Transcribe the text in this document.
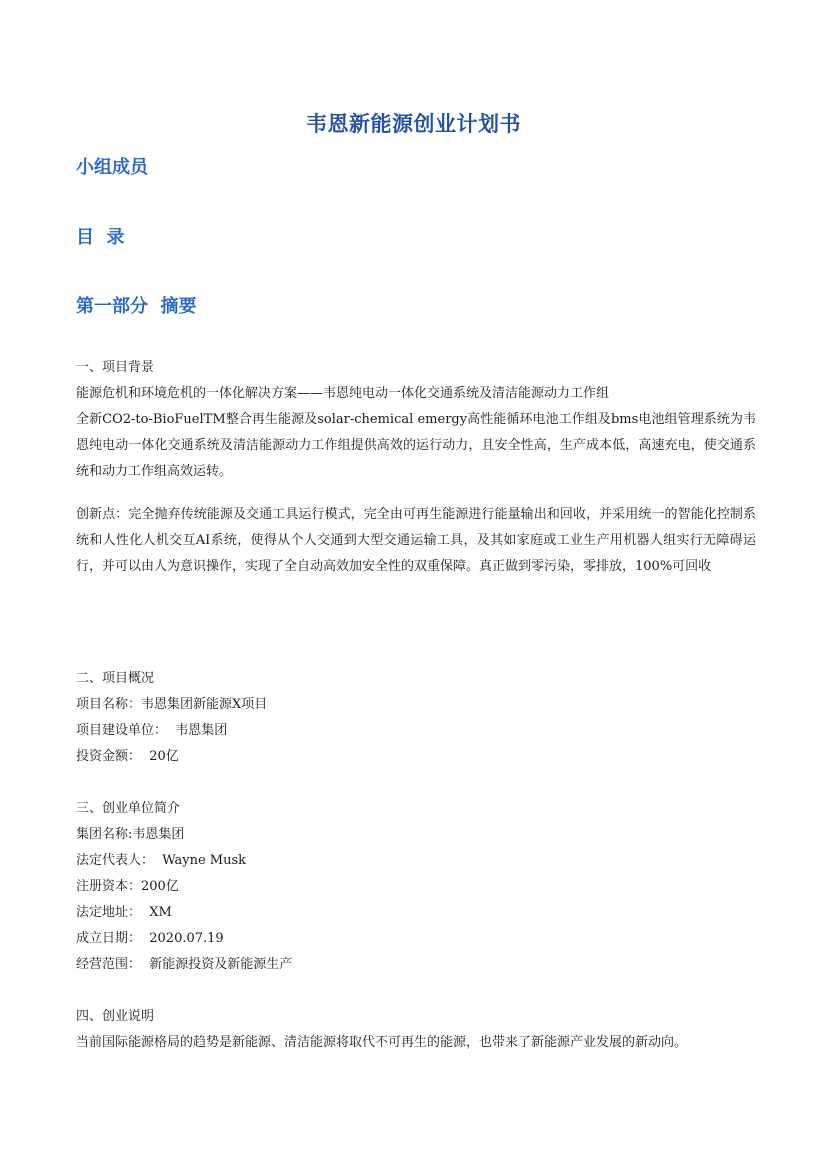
韦恩新能源创业计划书
小组成员
目  录
第一部分  摘要
一、项目背景
能源危机和环境危机的一体化解决方案——韦恩纯电动一体化交通系统及清洁能源动力工作组
全新CO2-to-BioFuelTM整合再生能源及solar-chemical emergy高性能循环电池工作组及bms电池组管理系统为韦恩纯电动一体化交通系统及清洁能源动力工作组提供高效的运行动力，且安全性高，生产成本低，高速充电，使交通系统和动力工作组高效运转。
创新点：完全抛弃传统能源及交通工具运行模式，完全由可再生能源进行能量输出和回收，并采用统一的智能化控制系统和人性化人机交互AI系统，使得从个人交通到大型交通运输工具，及其如家庭或工业生产用机器人组实行无障碍运行，并可以由人为意识操作，实现了全自动高效加安全性的双重保障。真正做到零污染，零排放，100%可回收
二、项目概况
项目名称：韦恩集团新能源X项目
项目建设单位：  韦恩集团
投资金额：  20亿
三、创业单位简介
集团名称:韦恩集团
法定代表人：  Wayne Musk
注册资本：200亿
法定地址：  XM
成立日期：  2020.07.19
经营范围：  新能源投资及新能源生产
四、创业说明
当前国际能源格局的趋势是新能源、清洁能源将取代不可再生的能源，也带来了新能源产业发展的新动向。
